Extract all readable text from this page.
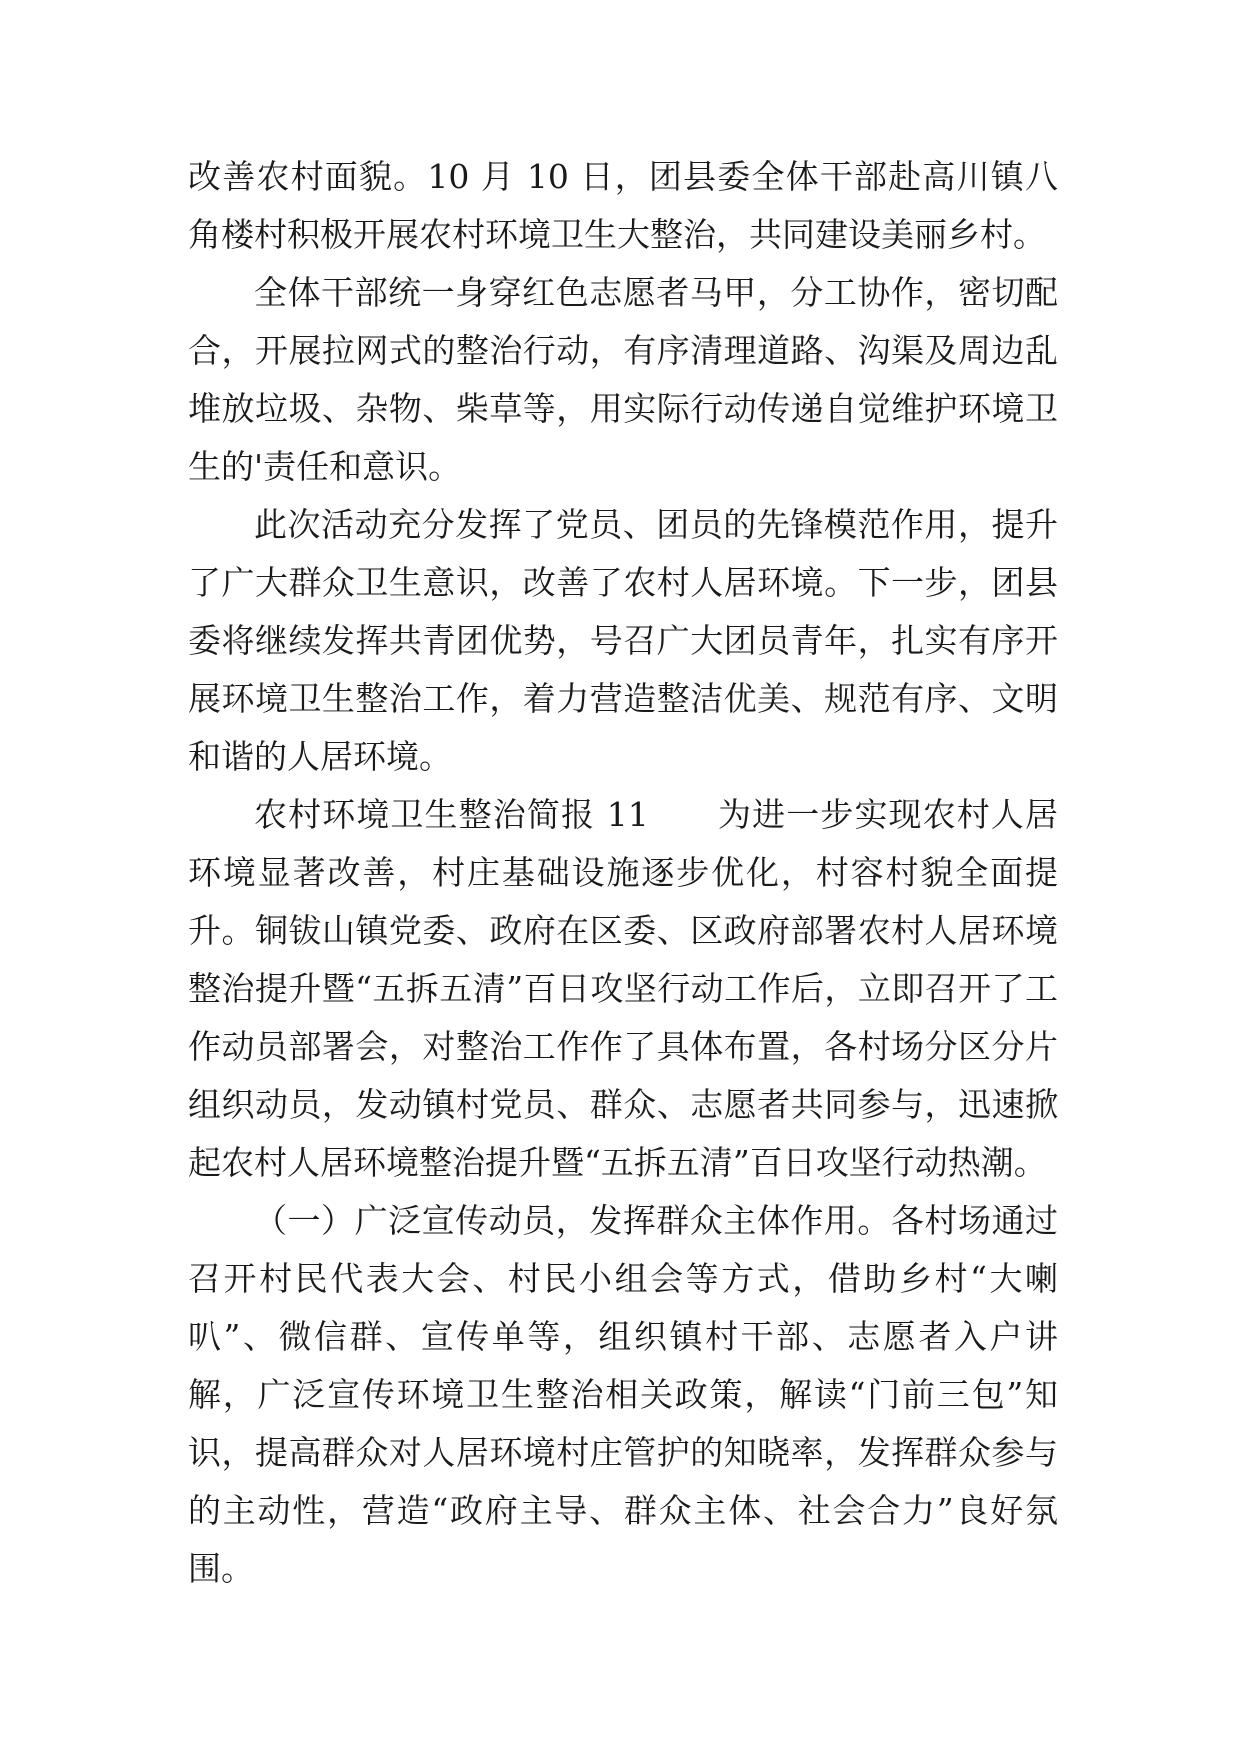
改善农村面貌。10 月 10 日，团县委全体干部赴高川镇八角楼村积极开展农村环境卫生大整治，共同建设美丽乡村。

全体干部统一身穿红色志愿者马甲，分工协作，密切配合，开展拉网式的整治行动，有序清理道路、沟渠及周边乱堆放垃圾、杂物、柴草等，用实际行动传递自觉维护环境卫生的'责任和意识。

此次活动充分发挥了党员、团员的先锋模范作用，提升了广大群众卫生意识，改善了农村人居环境。下一步，团县委将继续发挥共青团优势，号召广大团员青年，扎实有序开展环境卫生整治工作，着力营造整洁优美、规范有序、文明和谐的人居环境。

农村环境卫生整治简报 11　　为进一步实现农村人居环境显著改善，村庄基础设施逐步优化，村容村貌全面提升。铜钹山镇党委、政府在区委、区政府部署农村人居环境整治提升暨“五拆五清”百日攻坚行动工作后，立即召开了工作动员部署会，对整治工作作了具体布置，各村场分区分片组织动员，发动镇村党员、群众、志愿者共同参与，迅速掀起农村人居环境整治提升暨“五拆五清”百日攻坚行动热潮。

（一）广泛宣传动员，发挥群众主体作用。各村场通过召开村民代表大会、村民小组会等方式，借助乡村“大喇叭”、微信群、宣传单等，组织镇村干部、志愿者入户讲解，广泛宣传环境卫生整治相关政策，解读“门前三包”知识，提高群众对人居环境村庄管护的知晓率，发挥群众参与的主动性，营造“政府主导、群众主体、社会合力”良好氛围。
